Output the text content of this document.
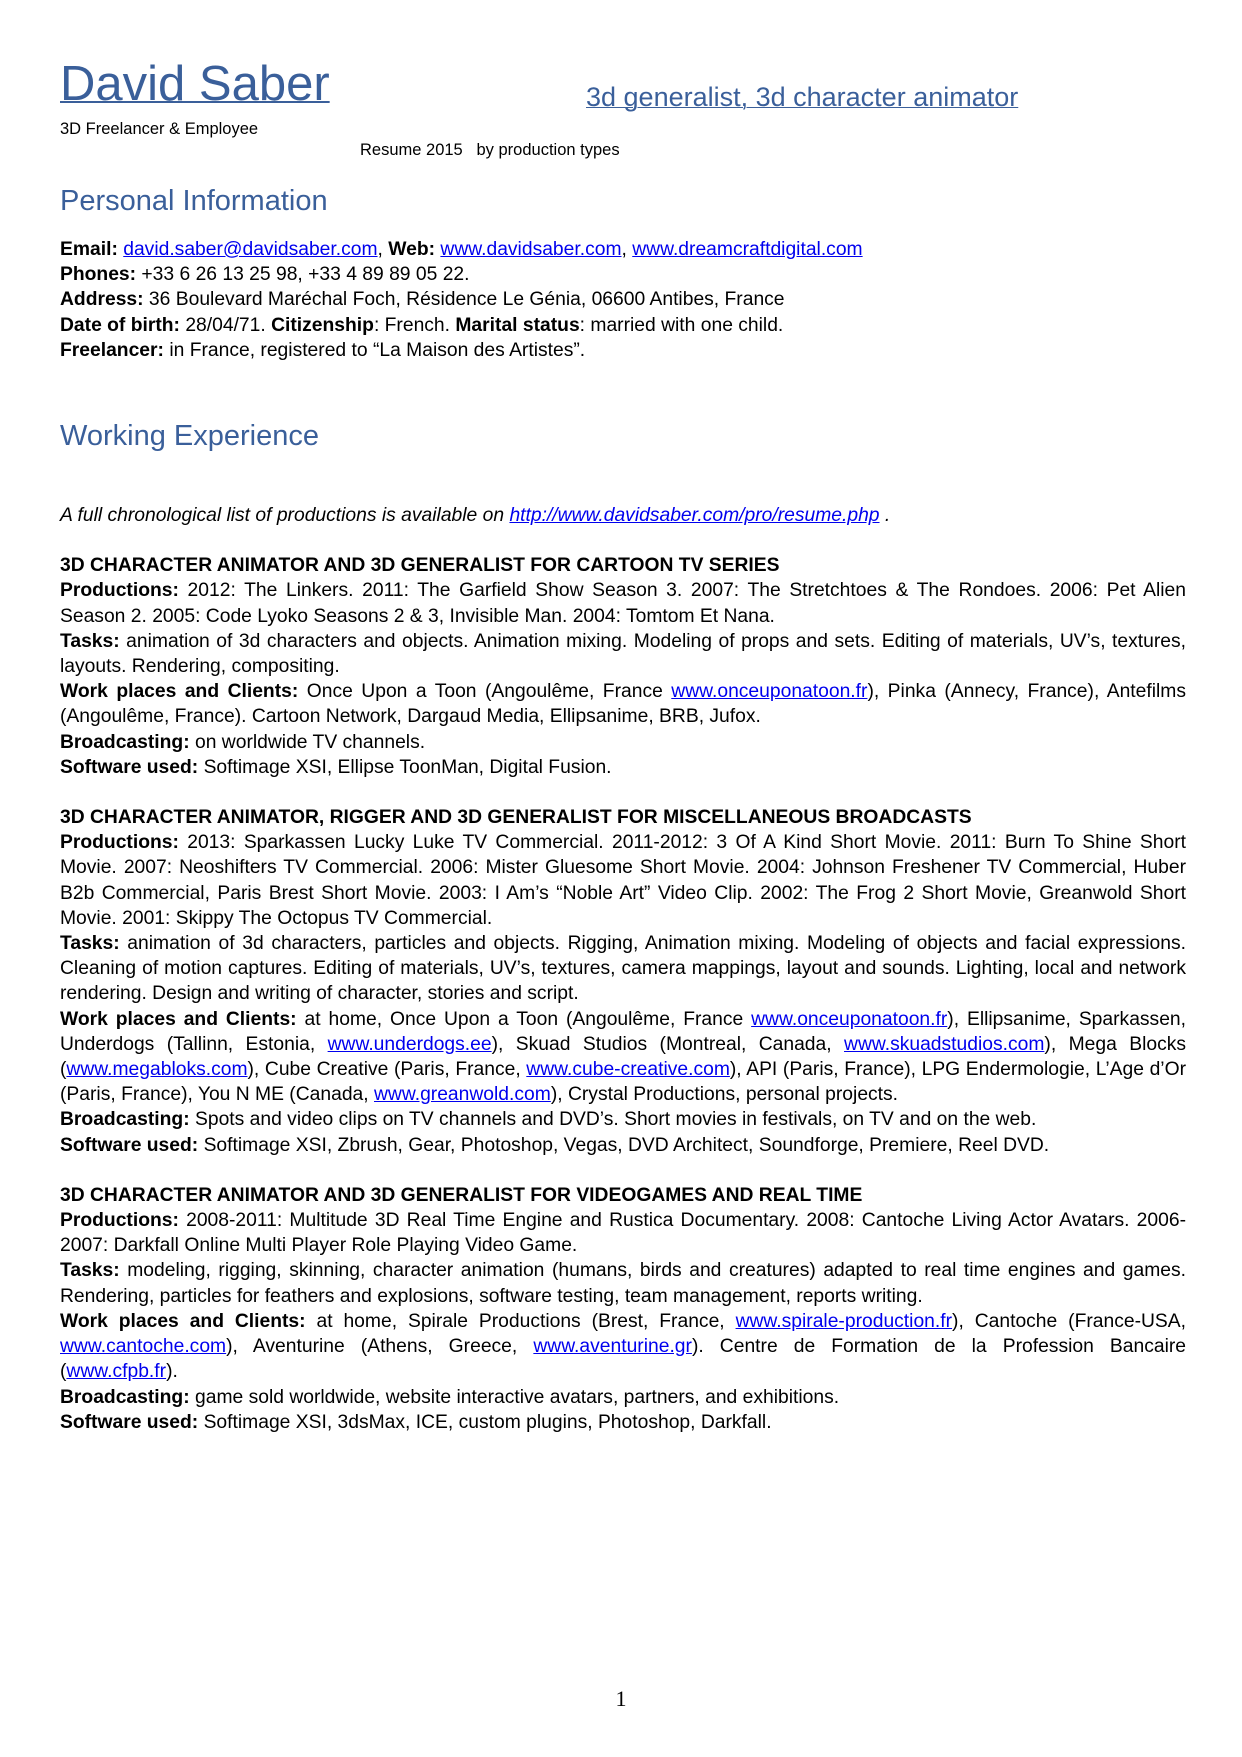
David Saber
3D Freelancer & Employee
3d generalist, 3d character animator
Resume 2015   by production types
Personal Information

Email: david.saber@davidsaber.com, Web: www.davidsaber.com, www.dreamcraftdigital.com

Phones: +33 6 26 13 25 98, +33 4 89 89 05 22.

Address: 36 Boulevard Maréchal Foch, Résidence Le Génia, 06600 Antibes, France

Date of birth: 28/04/71. Citizenship: French. Marital status: married with one child.

Freelancer: in France, registered to “La Maison des Artistes”.

Working Experience

A full chronological list of productions is available on http://www.davidsaber.com/pro/resume.php .

3D CHARACTER ANIMATOR AND 3D GENERALIST FOR CARTOON TV SERIES

Productions: 2012: The Linkers. 2011: The Garfield Show Season 3. 2007: The Stretchtoes & The Rondoes. 2006: Pet Alien Season 2. 2005: Code Lyoko Seasons 2 & 3, Invisible Man. 2004: Tomtom Et Nana.

Tasks: animation of 3d characters and objects. Animation mixing. Modeling of props and sets. Editing of materials, UV’s, textures, layouts. Rendering, compositing.

Work places and Clients: Once Upon a Toon (Angoulême, France www.onceuponatoon.fr), Pinka (Annecy, France), Antefilms (Angoulême, France). Cartoon Network, Dargaud Media, Ellipsanime, BRB, Jufox.

Broadcasting: on worldwide TV channels.

Software used: Softimage XSI, Ellipse ToonMan, Digital Fusion.

3D CHARACTER ANIMATOR, RIGGER AND 3D GENERALIST FOR MISCELLANEOUS BROADCASTS

Productions: 2013: Sparkassen Lucky Luke TV Commercial. 2011-2012: 3 Of A Kind Short Movie. 2011: Burn To Shine Short Movie. 2007: Neoshifters TV Commercial. 2006: Mister Gluesome Short Movie. 2004: Johnson Freshener TV Commercial, Huber B2b Commercial, Paris Brest Short Movie. 2003: I Am’s “Noble Art” Video Clip. 2002: The Frog 2 Short Movie, Greanwold Short Movie. 2001: Skippy The Octopus TV Commercial.

Tasks: animation of 3d characters, particles and objects. Rigging, Animation mixing. Modeling of objects and facial expressions. Cleaning of motion captures. Editing of materials, UV’s, textures, camera mappings, layout and sounds. Lighting, local and network rendering. Design and writing of character, stories and script.

Work places and Clients: at home, Once Upon a Toon (Angoulême, France www.onceuponatoon.fr), Ellipsanime, Sparkassen, Underdogs (Tallinn, Estonia, www.underdogs.ee), Skuad Studios (Montreal, Canada, www.skuadstudios.com), Mega Blocks (www.megabloks.com), Cube Creative (Paris, France, www.cube-creative.com), API (Paris, France), LPG Endermologie, L’Age d’Or (Paris, France), You N ME (Canada, www.greanwold.com), Crystal Productions, personal projects.

Broadcasting: Spots and video clips on TV channels and DVD’s. Short movies in festivals, on TV and on the web.

Software used: Softimage XSI, Zbrush, Gear, Photoshop, Vegas, DVD Architect, Soundforge, Premiere, Reel DVD.

3D CHARACTER ANIMATOR AND 3D GENERALIST FOR VIDEOGAMES AND REAL TIME

Productions: 2008-2011: Multitude 3D Real Time Engine and Rustica Documentary. 2008: Cantoche Living Actor Avatars. 2006-2007: Darkfall Online Multi Player Role Playing Video Game.

Tasks: modeling, rigging, skinning, character animation (humans, birds and creatures) adapted to real time engines and games. Rendering, particles for feathers and explosions, software testing, team management, reports writing.

Work places and Clients: at home, Spirale Productions (Brest, France, www.spirale-production.fr), Cantoche (France-USA, www.cantoche.com), Aventurine (Athens, Greece, www.aventurine.gr). Centre de Formation de la Profession Bancaire (www.cfpb.fr).

Broadcasting: game sold worldwide, website interactive avatars, partners, and exhibitions.

Software used: Softimage XSI, 3dsMax, ICE, custom plugins, Photoshop, Darkfall.

1
